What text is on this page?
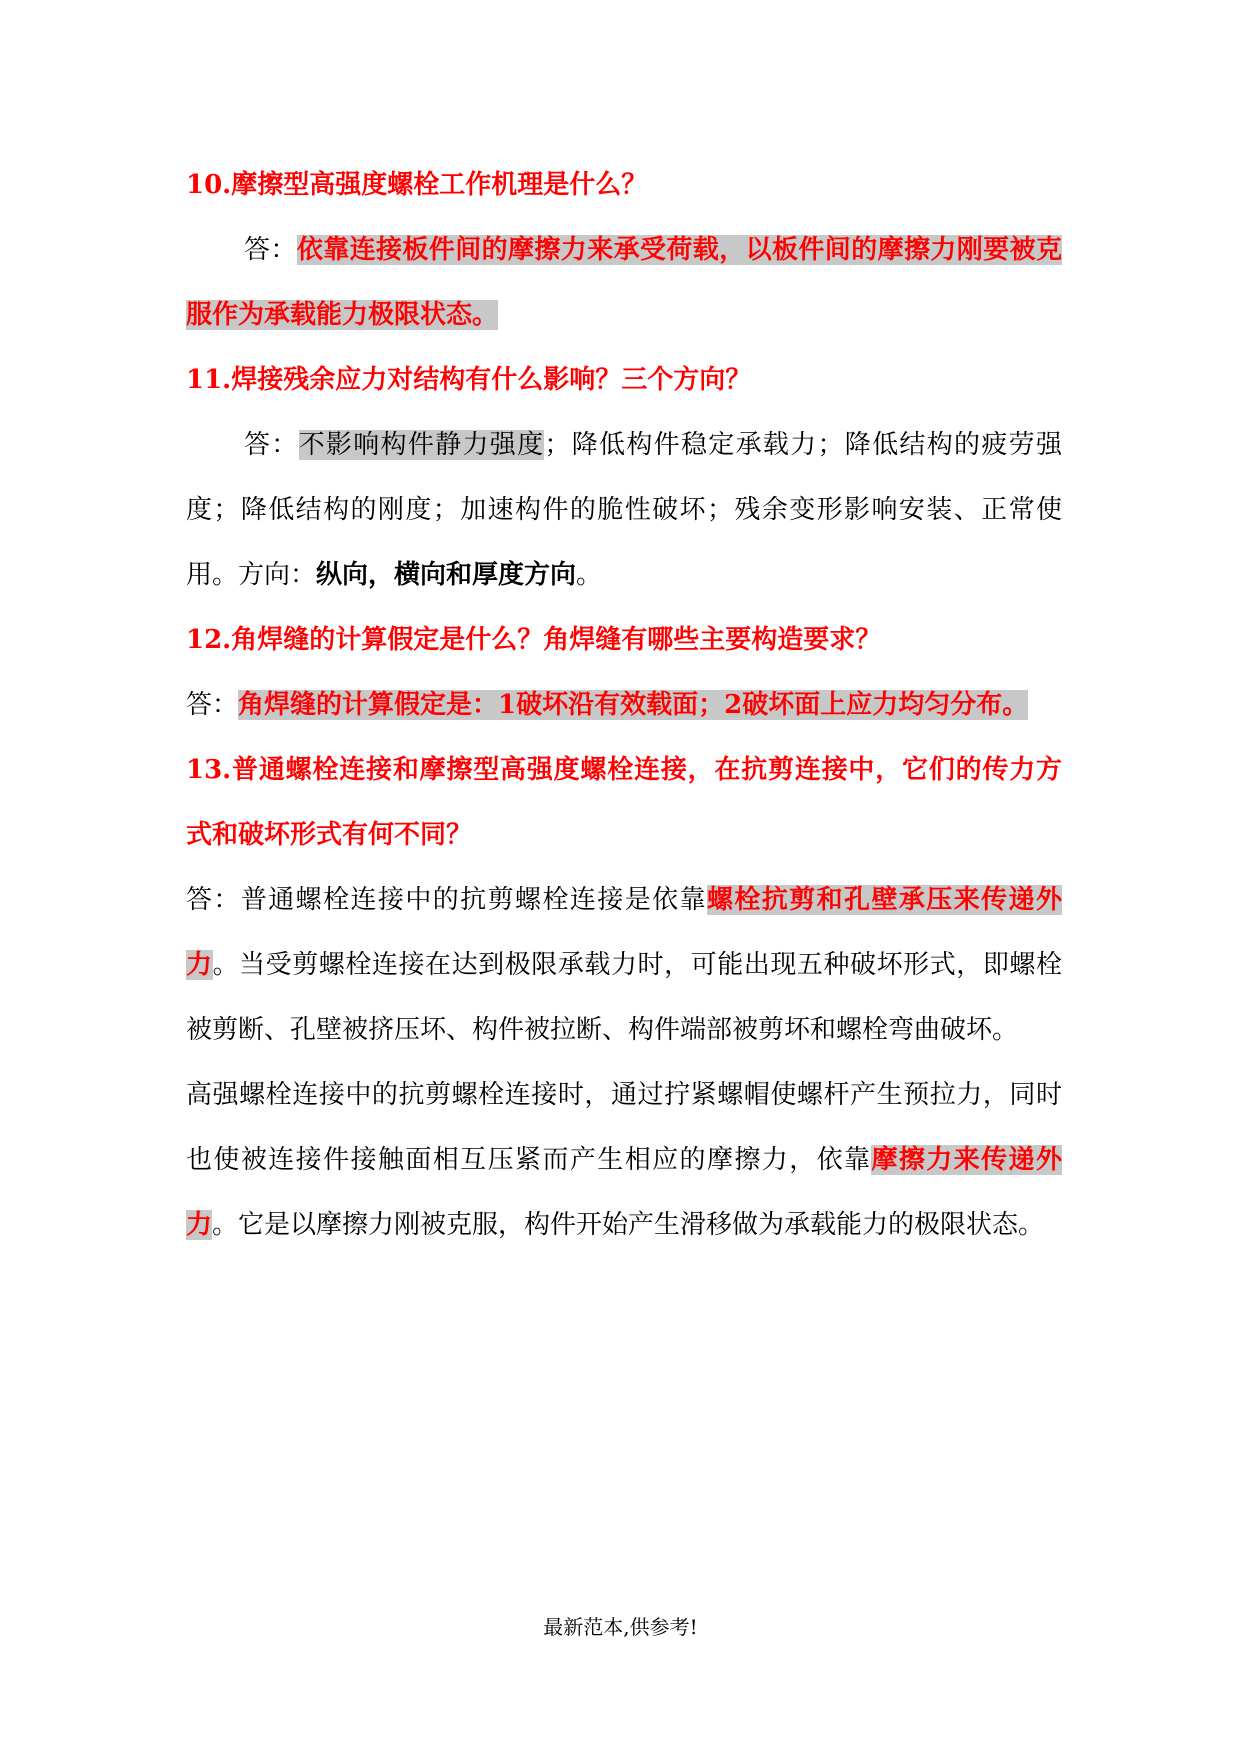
10.摩擦型高强度螺栓工作机理是什么？

答：依靠连接板件间的摩擦力来承受荷载，以板件间的摩擦力刚要被克服作为承载能力极限状态。

11.焊接残余应力对结构有什么影响？三个方向？

答：不影响构件静力强度；降低构件稳定承载力；降低结构的疲劳强度；降低结构的刚度；加速构件的脆性破坏；残余变形影响安装、正常使用。方向：纵向，横向和厚度方向。

12.角焊缝的计算假定是什么？角焊缝有哪些主要构造要求？

答：角焊缝的计算假定是：1破坏沿有效载面；2破坏面上应力均匀分布。

13.普通螺栓连接和摩擦型高强度螺栓连接，在抗剪连接中，它们的传力方式和破坏形式有何不同？

答：普通螺栓连接中的抗剪螺栓连接是依靠螺栓抗剪和孔壁承压来传递外力。当受剪螺栓连接在达到极限承载力时，可能出现五种破坏形式，即螺栓被剪断、孔壁被挤压坏、构件被拉断、构件端部被剪坏和螺栓弯曲破坏。

高强螺栓连接中的抗剪螺栓连接时，通过拧紧螺帽使螺杆产生预拉力，同时也使被连接件接触面相互压紧而产生相应的摩擦力，依靠摩擦力来传递外力。它是以摩擦力刚被克服，构件开始产生滑移做为承载能力的极限状态。

最新范本,供参考!
